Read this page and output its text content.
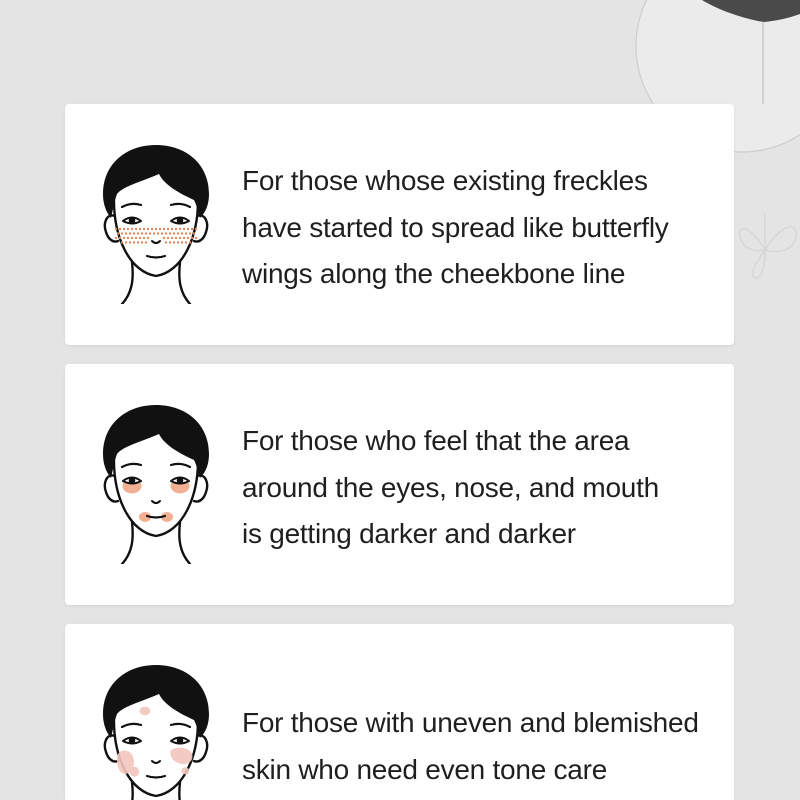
For those whose existing freckles
have started to spread like butterfly
wings along the cheekbone line
For those who feel that the area
around the eyes, nose, and mouth
is getting darker and darker
For those with uneven and blemished
skin who need even tone care
